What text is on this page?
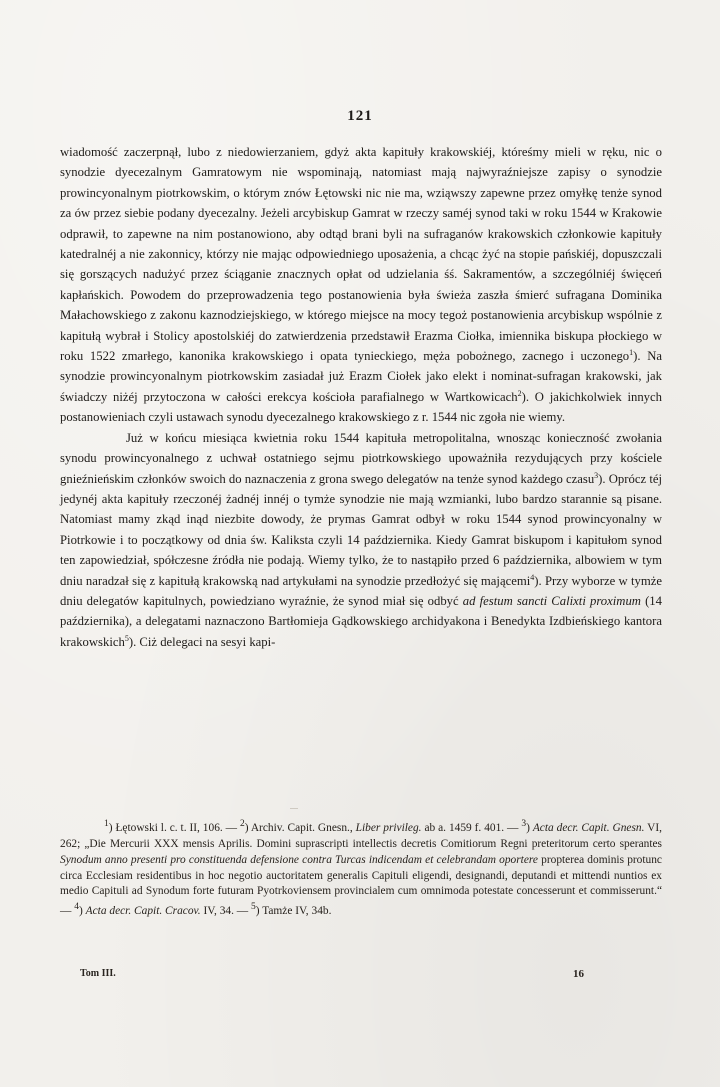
121

wiadomość zaczerpnął, lubo z niedowierzaniem, gdyż akta kapituły krakowskiéj, któreśmy mieli w ręku, nic o synodzie dyecezalnym Gamratowym nie wspominają, natomiast mają najwyraźniejsze zapisy o synodzie prowincyonalnym piotrkowskim, o którym znów Łętowski nic nie ma, wziąwszy zapewne przez omyłkę tenże synod za ów przez siebie podany dyecezalny. Jeżeli arcybiskup Gamrat w rzeczy saméj synod taki w roku 1544 w Krakowie odprawił, to zapewne na nim postanowiono, aby odtąd brani byli na sufraganów krakowskich członkowie kapituły katedralnéj a nie zakonnicy, którzy nie mając odpowiedniego uposażenia, a chcąc żyć na stopie pańskiéj, dopuszczali się gorszących nadużyć przez ściąganie znacznych opłat od udzielania śś. Sakramentów, a szczególniéj święceń kapłańskich. Powodem do przeprowadzenia tego postanowienia była świeża zaszła śmierć sufragana Dominika Małachowskiego z zakonu kaznodziejskiego, w którego miejsce na mocy tegoż postanowienia arcybiskup wspólnie z kapitułą wybrał i Stolicy apostolskiéj do zatwierdzenia przedstawił Erazma Ciołka, imiennika biskupa płockiego w roku 1522 zmarłego, kanonika krakowskiego i opata tynieckiego, męża pobożnego, zacnego i uczonego$^1$). Na synodzie prowincyonalnym piotrkowskim zasiadał już Erazm Ciołek jako elekt i nominat-sufragan krakowski, jak świadczy niżéj przytoczona w całości erekcya kościoła parafialnego w Wartkowicach$^2$). O jakichkolwiek innych postanowieniach czyli ustawach synodu dyecezalnego krakowskiego z r. 1544 nic zgoła nie wiemy.

Już w końcu miesiąca kwietnia roku 1544 kapituła metropolitalna, wnosząc konieczność zwołania synodu prowincyonalnego z uchwał ostatniego sejmu piotrkowskiego upoważniła rezydujących przy kościele gnieźnieńskim członków swoich do naznaczenia z grona swego delegatów na tenże synod każdego czasu$^3$). Oprócz téj jedynéj akta kapituły rzeczonéj żadnéj innéj o tymże synodzie nie mają wzmianki, lubo bardzo starannie są pisane. Natomiast mamy zkąd inąd niezbite dowody, że prymas Gamrat odbył w roku 1544 synod prowincyonalny w Piotrkowie i to początkowy od dnia św. Kaliksta czyli 14 października. Kiedy Gamrat biskupom i kapitułom synod ten zapowiedział, spółczesne źródła nie podają. Wiemy tylko, że to nastąpiło przed 6 października, albowiem w tym dniu naradzał się z kapitułą krakowską nad artykułami na synodzie przedłożyć się mającemi$^4$). Przy wyborze w tymże dniu delegatów kapitulnych, powiedziano wyraźnie, że synod miał się odbyć ad festum sancti Calixti proximum (14 października), a delegatami naznaczono Bartłomieja Gądkowskiego archidyakona i Benedykta Izdbieńskiego kantora krakowskich$^5$). Ciż delegaci na sesyi kapi-

$^1$) Łętowski l. c. t. II, 106. — $^2$) Archiv. Capit. Gnesn., Liber privileg. ab a. 1459 f. 401. — $^3$) Acta decr. Capit. Gnesn. VI, 262; „Die Mercurii XXX mensis Aprilis. Domini suprascripti intellectis decretis Comitiorum Regni preteritorum certo sperantes Synodum anno presenti pro constituenda defensione contra Turcas indicendam et celebrandam oportere propterea dominis protunc circa Ecclesiam residentibus in hoc negotio auctoritatem generalis Capituli eligendi, designandi, deputandi et mittendi nuntios ex medio Capituli ad Synodum forte futuram Pyotrkoviensem provincialem cum omnimoda potestate concesserunt et commisserunt.“ — $^4$) Acta decr. Capit. Cracov. IV, 34. — $^5$) Tamże IV, 34b.

Tom III.	16
